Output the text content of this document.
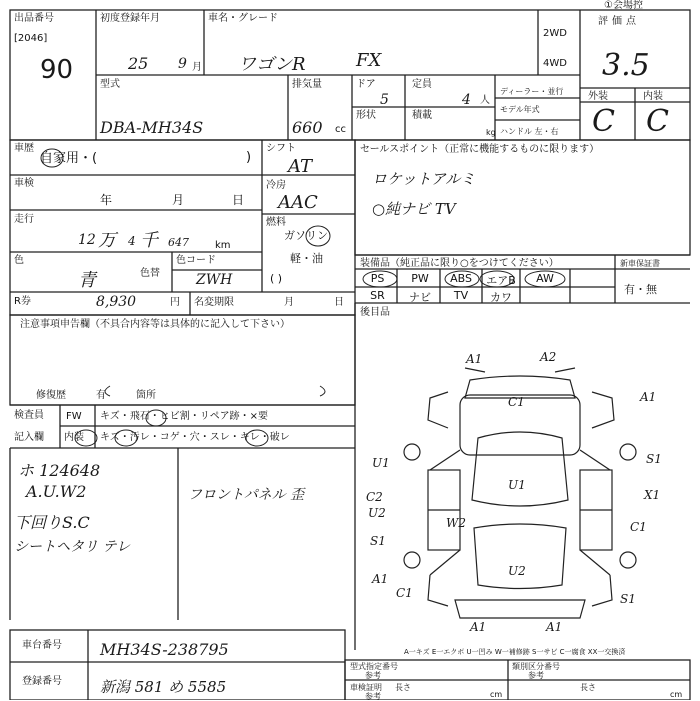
出品番号
[2046]
90
初度登録年月
25 9 月
車名・グレード
ワゴンR	FX
2WD
4WD
評価点
①会場控
3.5
型式
DBA-MH34S
排気量
660 cc
ドア
5
定員
4 人
形状	積載
kg
ディーラー・並行
モデル年式
ハンドル 左・右
外装	内装
C C
車歴
自家用・(	)
シフト
AT
車検
年	月	日
冷房
AAC
走行
12 万 4 千 647	km
燃料
ガソリン
軽・油
( )
色
青
色コード
色替	ZWH
R券	8,930	円 名変期限	月	日
セールスポイント（正常に機能するものに限ります）
ロケットアルミ
○純ナビ TV
装備品（純正品に限り○をつけてください）	新車保証書
有・無
PS	PW	ABS	エアB	AW
SR	ナビ	TV	カワ
後目品
注意事項申告欄（不具合内容等は具体的に記入して下さい）
修復歴	有	箇所
検査員
記入欄
FW キズ・飛石・ヒビ割・リペア跡・×要
内装 キズ・汚レ・コゲ・穴・スレ・キレ・破レ
ホ 124648
A.U.W2
下回りS.C
シートヘタリ テレ
フロントパネル 歪
A1	A2
C1	A1
S1
U1
U1
C2
U2
W2
X1
U2
A1
C1	S1
A1	A1
S1
C1
A一キズ E一エクボ U一凹み W一補修跡 S一サビ C一腐食 XX一交換済
車台番号 MH34S-238795
登録番号	新潟 581 め 5585
型式指定番号
参考
類別区分番号
参考
車検証明
参考
長さ
cm
長さ
cm
